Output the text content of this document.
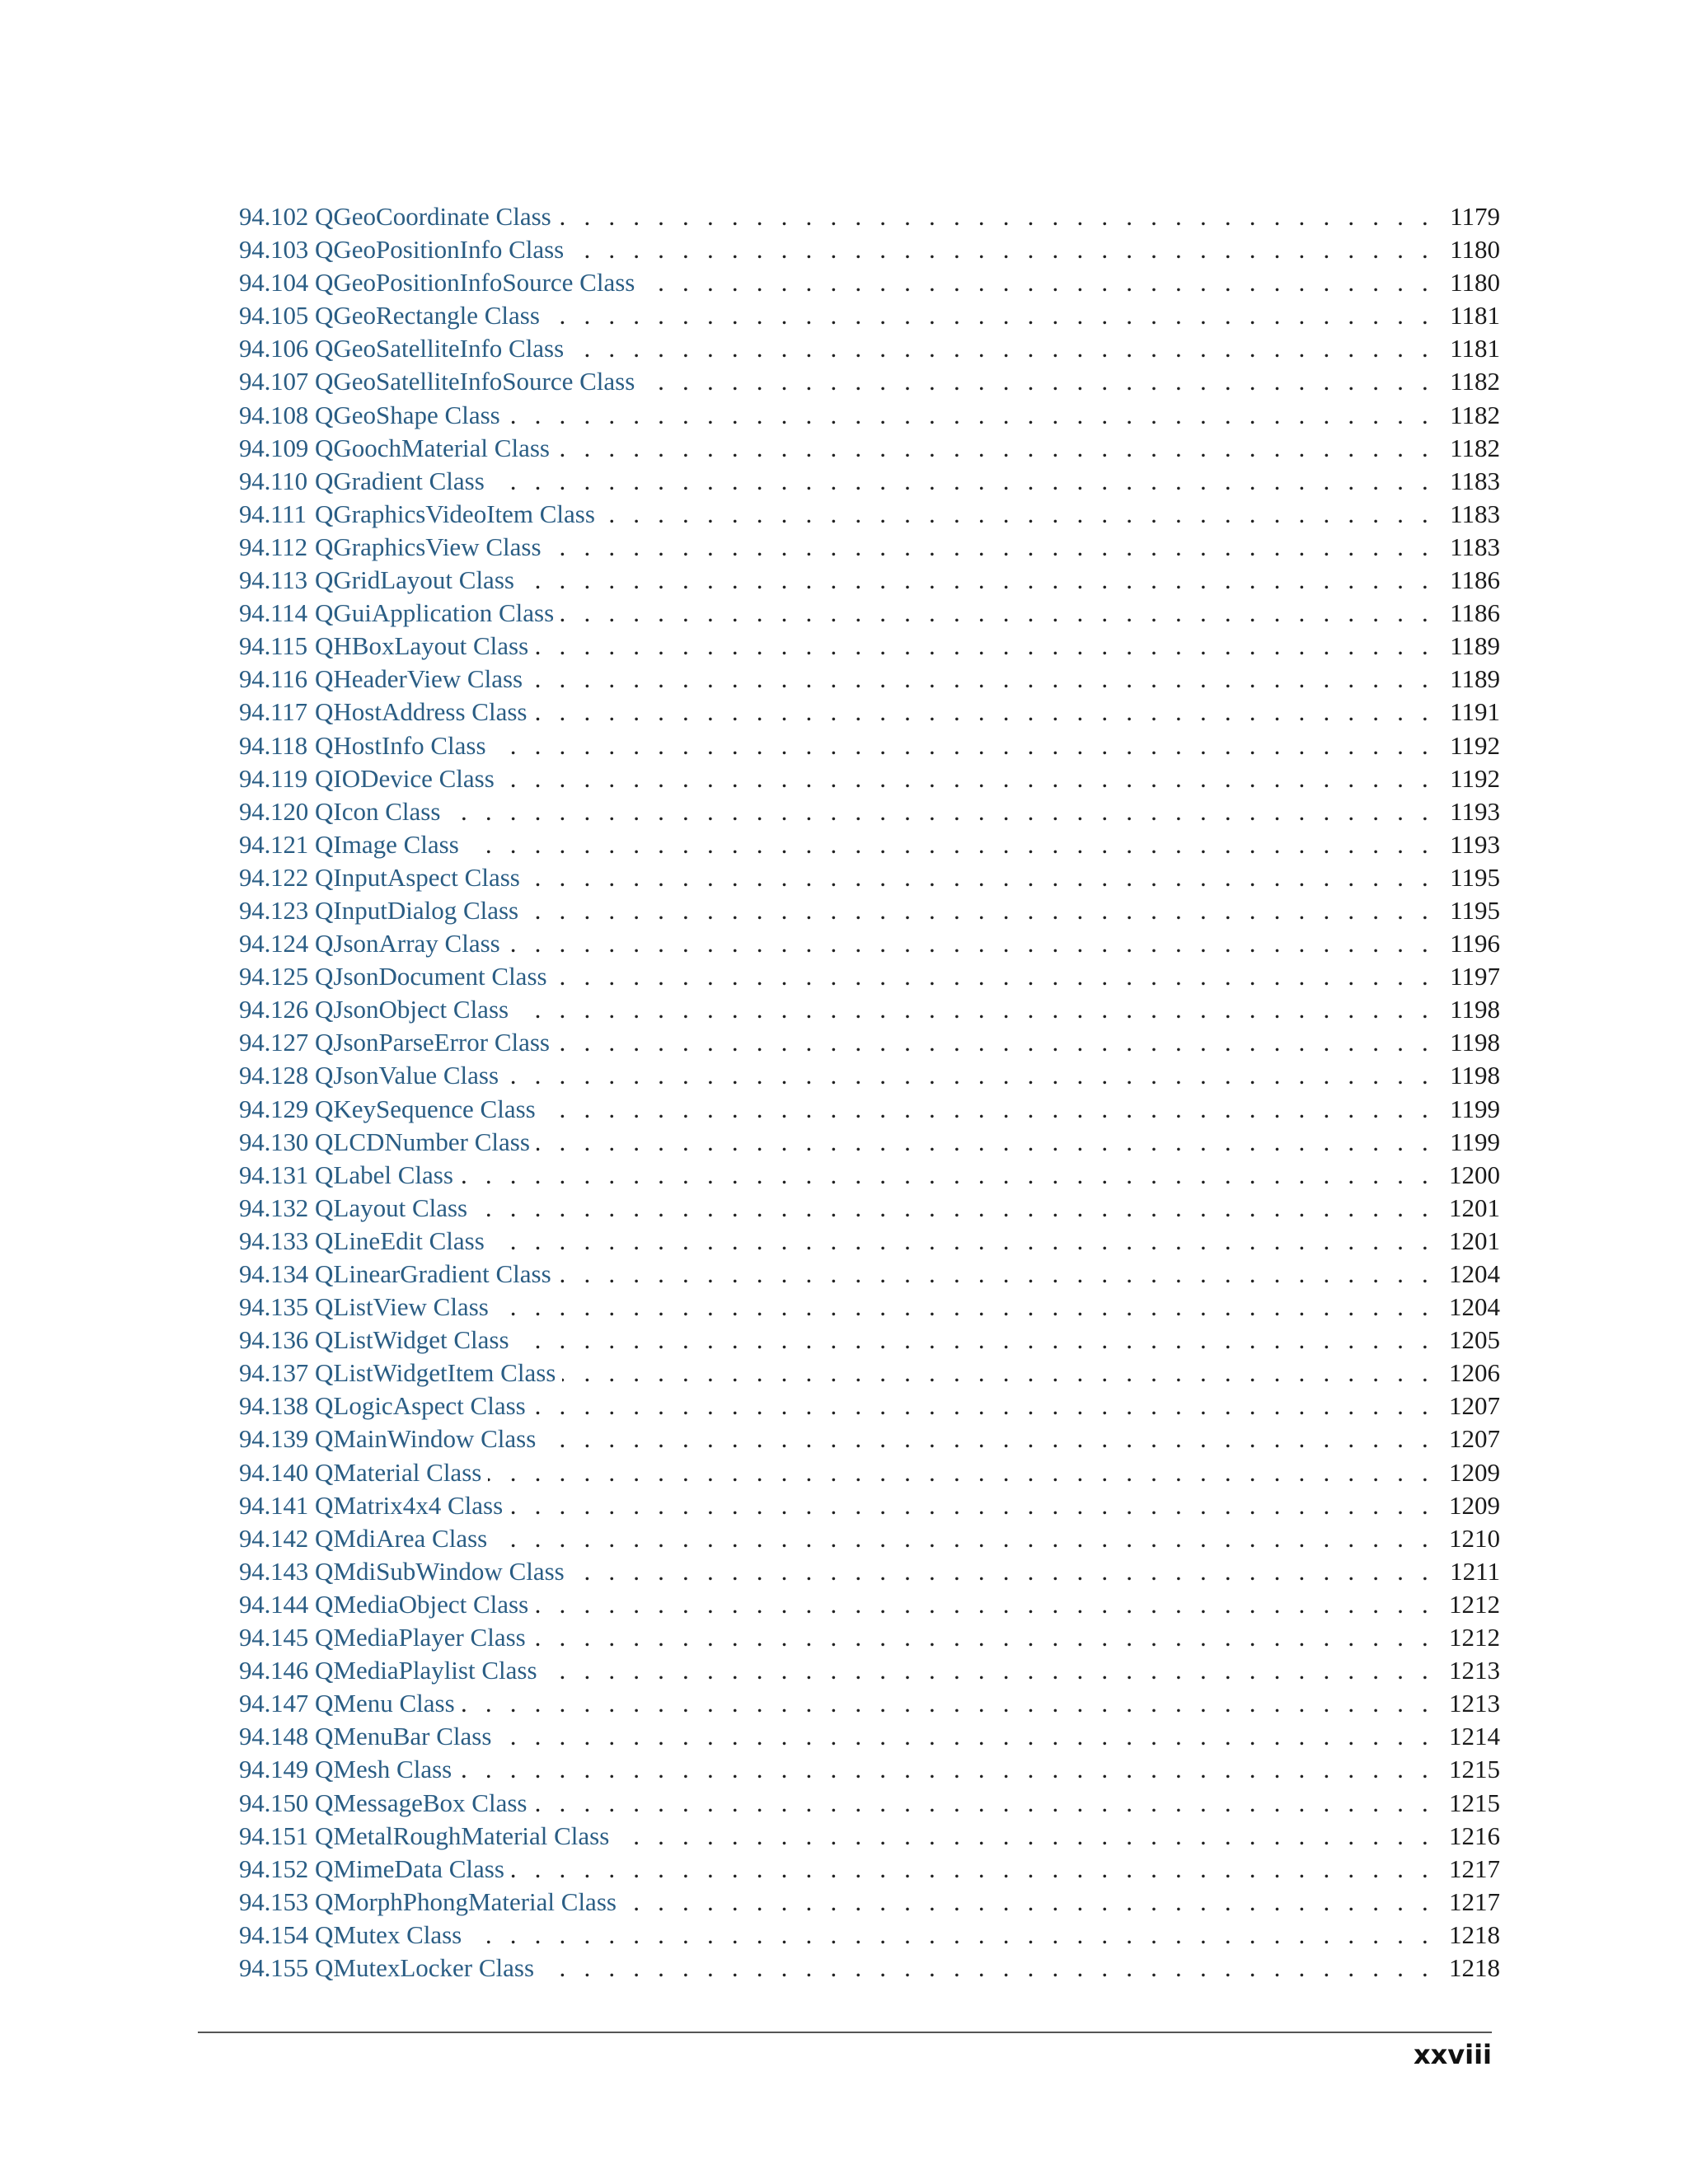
94.102 QGeoCoordinate Class . . .	1179
94.103 QGeoPositionInfo Class . . .	1180
94.104 QGeoPositionInfoSource Class . . .	1180
94.105 QGeoRectangle Class . . .	1181
94.106 QGeoSatelliteInfo Class . . .	1181
94.107 QGeoSatelliteInfoSource Class . . .	1182
94.108 QGeoShape Class . . .	1182
94.109 QGoochMaterial Class . . .	1182
94.110 QGradient Class . . .	1183
94.111 QGraphicsVideoItem Class . . .	1183
94.112 QGraphicsView Class . . .	1183
94.113 QGridLayout Class . . .	1186
94.114 QGuiApplication Class . . .	1186
94.115 QHBoxLayout Class . . .	1189
94.116 QHeaderView Class . . .	1189
94.117 QHostAddress Class . . .	1191
94.118 QHostInfo Class . . .	1192
94.119 QIODevice Class . . .	1192
94.120 QIcon Class . . .	1193
94.121 QImage Class . . .	1193
94.122 QInputAspect Class . . .	1195
94.123 QInputDialog Class . . .	1195
94.124 QJsonArray Class . . .	1196
94.125 QJsonDocument Class . . .	1197
94.126 QJsonObject Class . . .	1198
94.127 QJsonParseError Class . . .	1198
94.128 QJsonValue Class . . .	1198
94.129 QKeySequence Class . . .	1199
94.130 QLCDNumber Class . . .	1199
94.131 QLabel Class . . .	1200
94.132 QLayout Class . . .	1201
94.133 QLineEdit Class . . .	1201
94.134 QLinearGradient Class . . .	1204
94.135 QListView Class . . .	1204
94.136 QListWidget Class . . .	1205
94.137 QListWidgetItem Class . . .	1206
94.138 QLogicAspect Class . . .	1207
94.139 QMainWindow Class . . .	1207
94.140 QMaterial Class . . .	1209
94.141 QMatrix4x4 Class . . .	1209
94.142 QMdiArea Class . . .	1210
94.143 QMdiSubWindow Class . . .	1211
94.144 QMediaObject Class . . .	1212
94.145 QMediaPlayer Class . . .	1212
94.146 QMediaPlaylist Class . . .	1213
94.147 QMenu Class . . .	1213
94.148 QMenuBar Class . . .	1214
94.149 QMesh Class . . .	1215
94.150 QMessageBox Class . . .	1215
94.151 QMetalRoughMaterial Class . . .	1216
94.152 QMimeData Class . . .	1217
94.153 QMorphPhongMaterial Class . . .	1217
94.154 QMutex Class . . .	1218
94.155 QMutexLocker Class . . .	1218
xxviii
